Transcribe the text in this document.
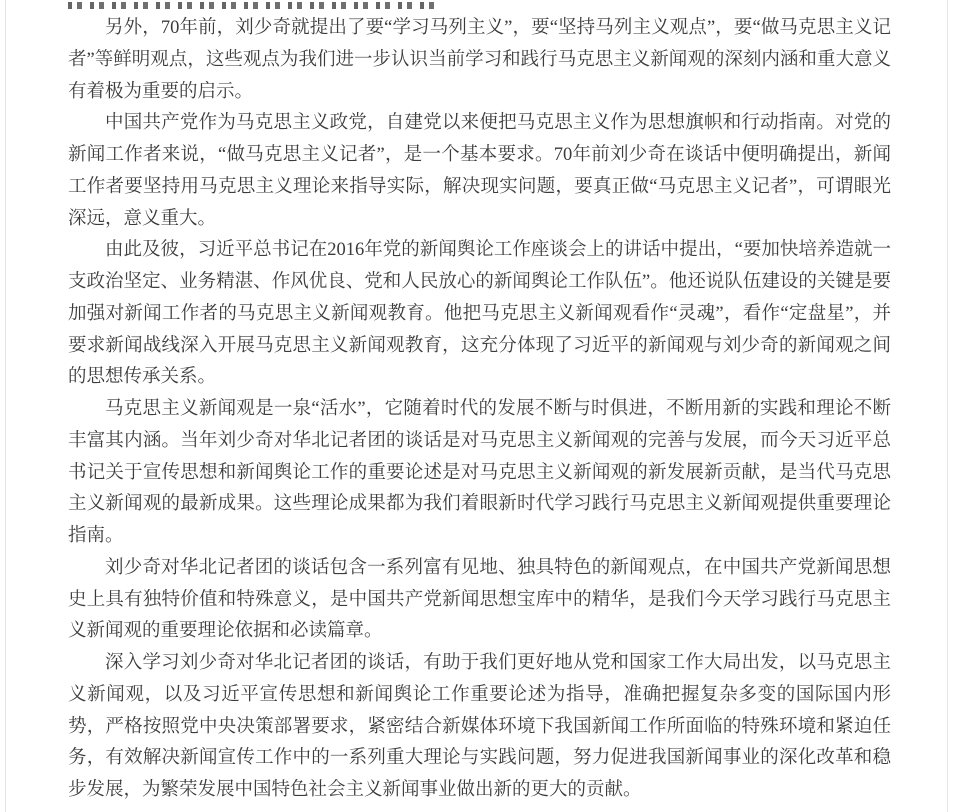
另外，70年前，刘少奇就提出了要“学习马列主义”，要“坚持马列主义观点”，要“做马克思主义记者”等鲜明观点，这些观点为我们进一步认识当前学习和践行马克思主义新闻观的深刻内涵和重大意义有着极为重要的启示。

中国共产党作为马克思主义政党，自建党以来便把马克思主义作为思想旗帜和行动指南。对党的新闻工作者来说，“做马克思主义记者”，是一个基本要求。70年前刘少奇在谈话中便明确提出，新闻工作者要坚持用马克思主义理论来指导实际，解决现实问题，要真正做“马克思主义记者”，可谓眼光深远，意义重大。

由此及彼，习近平总书记在2016年党的新闻舆论工作座谈会上的讲话中提出，“要加快培养造就一支政治坚定、业务精湛、作风优良、党和人民放心的新闻舆论工作队伍”。他还说队伍建设的关键是要加强对新闻工作者的马克思主义新闻观教育。他把马克思主义新闻观看作“灵魂”，看作“定盘星”，并要求新闻战线深入开展马克思主义新闻观教育，这充分体现了习近平的新闻观与刘少奇的新闻观之间的思想传承关系。

马克思主义新闻观是一泉“活水”，它随着时代的发展不断与时俱进，不断用新的实践和理论不断丰富其内涵。当年刘少奇对华北记者团的谈话是对马克思主义新闻观的完善与发展，而今天习近平总书记关于宣传思想和新闻舆论工作的重要论述是对马克思主义新闻观的新发展新贡献，是当代马克思主义新闻观的最新成果。这些理论成果都为我们着眼新时代学习践行马克思主义新闻观提供重要理论指南。

刘少奇对华北记者团的谈话包含一系列富有见地、独具特色的新闻观点，在中国共产党新闻思想史上具有独特价值和特殊意义，是中国共产党新闻思想宝库中的精华，是我们今天学习践行马克思主义新闻观的重要理论依据和必读篇章。

深入学习刘少奇对华北记者团的谈话，有助于我们更好地从党和国家工作大局出发，以马克思主义新闻观，以及习近平宣传思想和新闻舆论工作重要论述为指导，准确把握复杂多变的国际国内形势，严格按照党中央决策部署要求，紧密结合新媒体环境下我国新闻工作所面临的特殊环境和紧迫任务，有效解决新闻宣传工作中的一系列重大理论与实践问题，努力促进我国新闻事业的深化改革和稳步发展，为繁荣发展中国特色社会主义新闻事业做出新的更大的贡献。
